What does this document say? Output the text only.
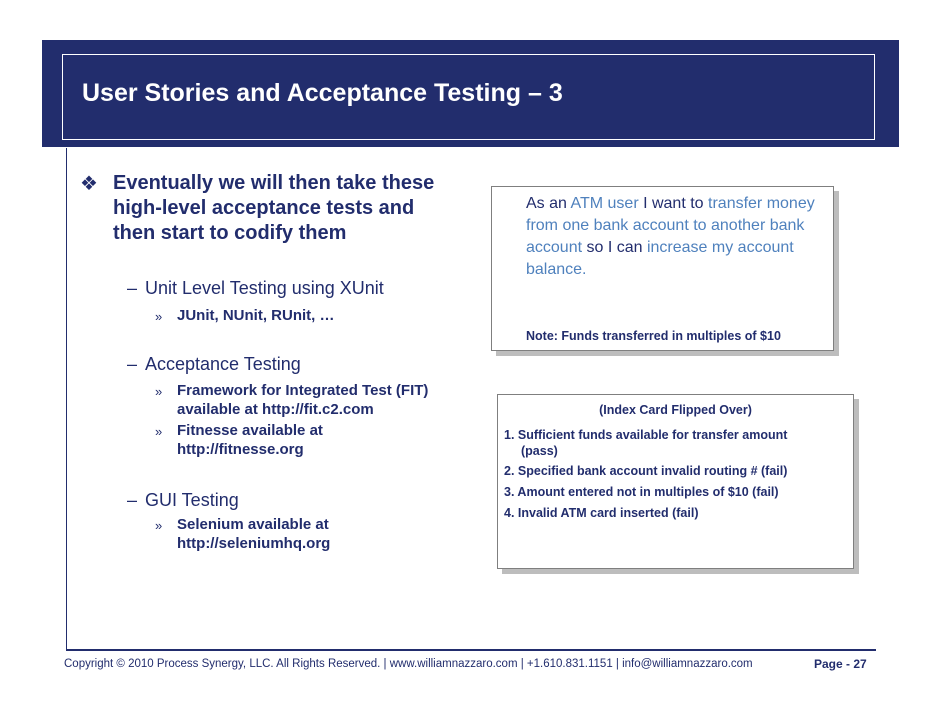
User Stories and Acceptance Testing – 3
❖ Eventually we will then take these
high-level acceptance tests and
then start to codify them
– Unit Level Testing using XUnit
» JUnit, NUnit, RUnit, …
– Acceptance Testing
» Framework for Integrated Test (FIT)
available at http://fit.c2.com
» Fitnesse available at
http://fitnesse.org
– GUI Testing
» Selenium available at
http://seleniumhq.org
As an ATM user I want to transfer money from one bank account to another bank account so I can increase my account balance.
Note: Funds transferred in multiples of $10
(Index Card Flipped Over)
1. Sufficient funds available for transfer amount
(pass)
2. Specified bank account invalid routing # (fail)
3. Amount entered not in multiples of $10 (fail)
4. Invalid ATM card inserted (fail)
Copyright © 2010 Process Synergy, LLC. All Rights Reserved. | www.williamnazzaro.com | +1.610.831.1151 | info@williamnazzaro.com	Page - 27
